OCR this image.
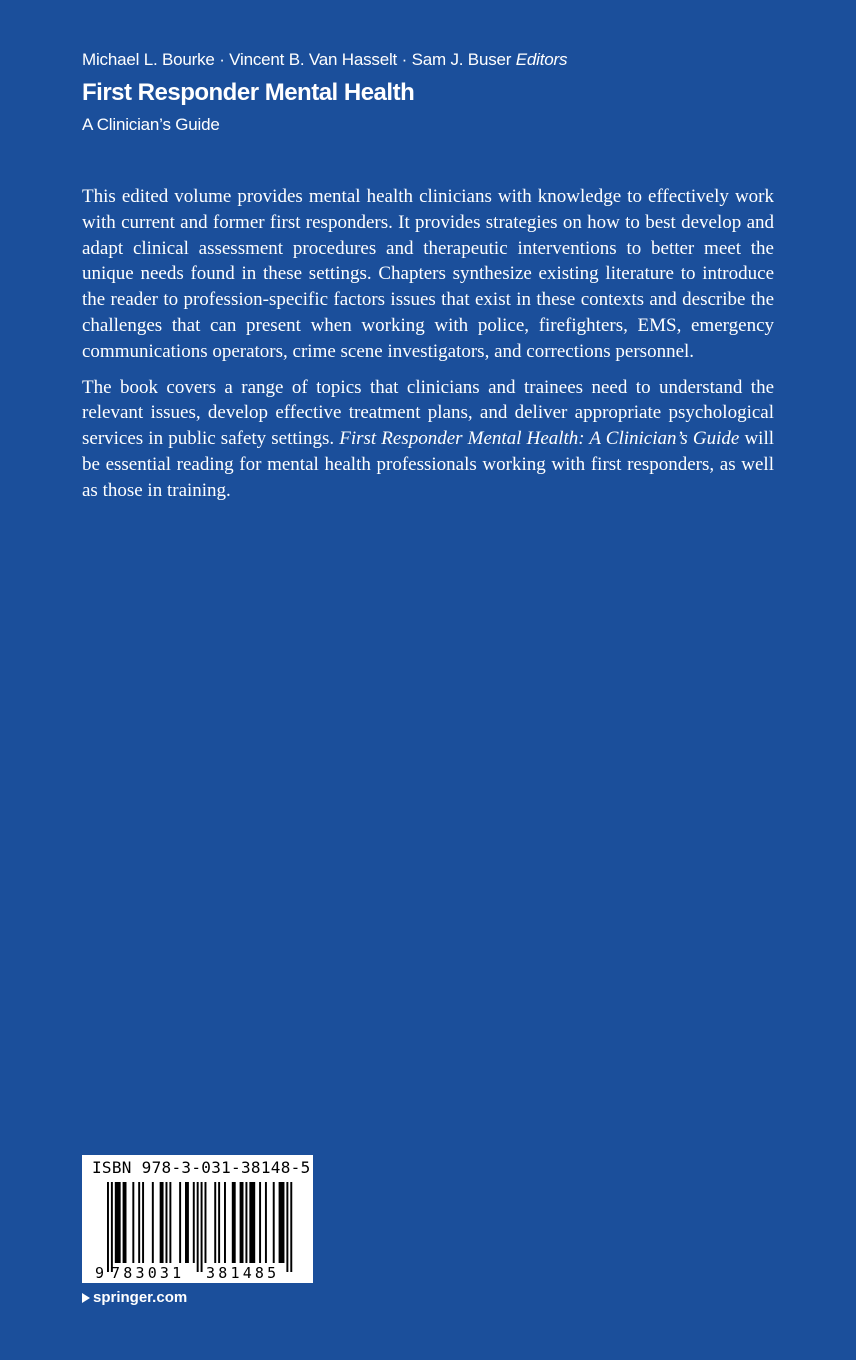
Michael L. Bourke · Vincent B. Van Hasselt · Sam J. Buser Editors
First Responder Mental Health
A Clinician’s Guide

This edited volume provides mental health clinicians with knowledge to effectively work with current and former first responders. It provides strategies on how to best develop and adapt clinical assessment procedures and therapeutic interventions to better meet the unique needs found in these settings. Chapters synthesize existing literature to introduce the reader to profession-specific factors issues that exist in these contexts and describe the challenges that can present when working with police, firefighters, EMS, emergency communications operators, crime scene investigators, and corrections personnel.

The book covers a range of topics that clinicians and trainees need to understand the relevant issues, develop effective treatment plans, and deliver appropriate psychological services in public safety settings. First Responder Mental Health: A Clinician’s Guide will be essential reading for mental health professionals working with first responders, as well as those in training.

ISBN 978-3-031-38148-5
9 783031 381485
springer.com
